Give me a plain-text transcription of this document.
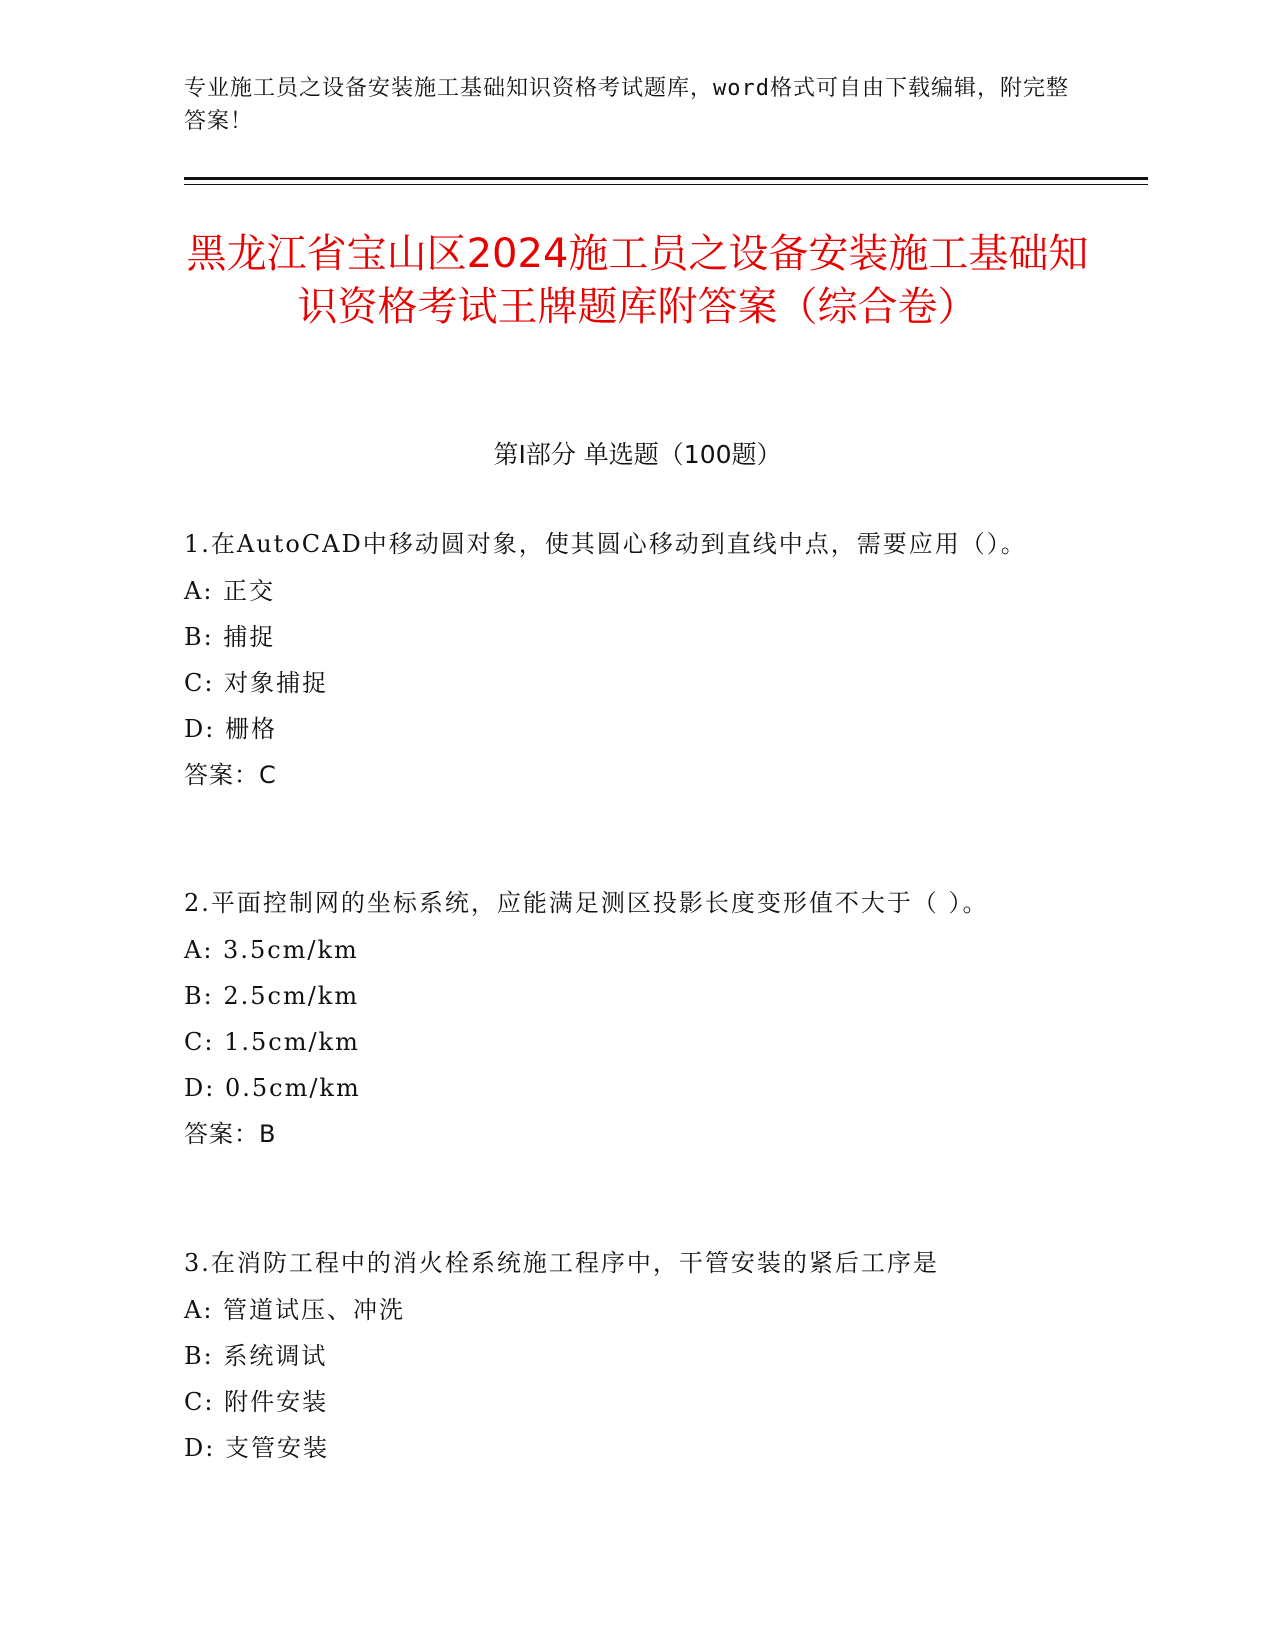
专业施工员之设备安装施工基础知识资格考试题库，word格式可自由下载编辑，附完整答案！
黑龙江省宝山区2024施工员之设备安装施工基础知识资格考试王牌题库附答案（综合卷）
第Ⅰ部分 单选题（100题）

1.在AutoCAD中移动圆对象，使其圆心移动到直线中点，需要应用（）。

A: 正交

B: 捕捉

C: 对象捕捉

D: 栅格

答案：C

2.平面控制网的坐标系统，应能满足测区投影长度变形值不大于（ ）。

A: 3.5cm/km

B: 2.5cm/km

C: 1.5cm/km

D: 0.5cm/km

答案：B

3.在消防工程中的消火栓系统施工程序中，干管安装的紧后工序是

A: 管道试压、冲洗

B: 系统调试

C: 附件安装

D: 支管安装
